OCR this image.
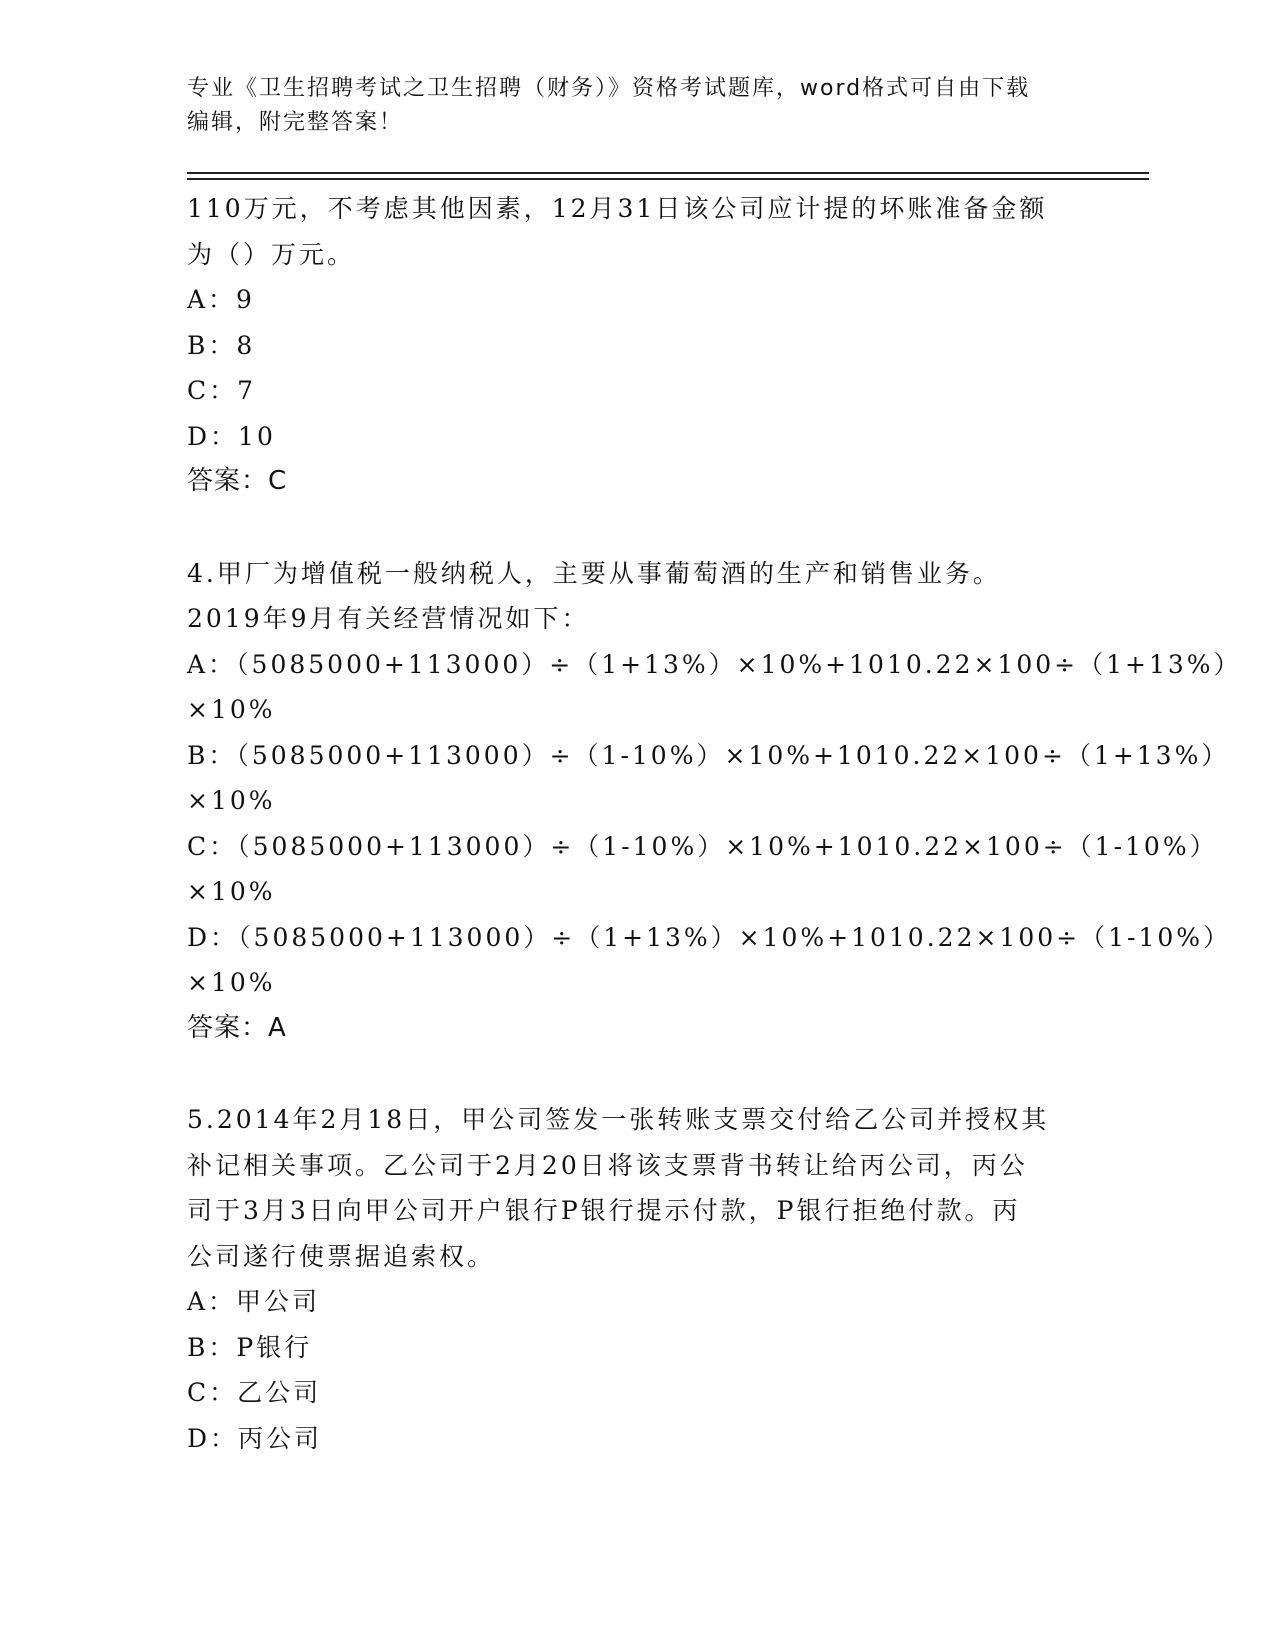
专业《卫生招聘考试之卫生招聘（财务）》资格考试题库，word格式可自由下载
编辑，附完整答案！
110万元，不考虑其他因素，12月31日该公司应计提的坏账准备金额
为（）万元。
A：9
B：8
C：7
D：10
答案：C
4.甲厂为增值税一般纳税人，主要从事葡萄酒的生产和销售业务。
2019年9月有关经营情况如下：
A：（5085000+113000）÷（1+13%）×10%+1010.22×100÷（1+13%）
×10%
B：（5085000+113000）÷（1-10%）×10%+1010.22×100÷（1+13%）
×10%
C：（5085000+113000）÷（1-10%）×10%+1010.22×100÷（1-10%）
×10%
D：（5085000+113000）÷（1+13%）×10%+1010.22×100÷（1-10%）
×10%
答案：A
5.2014年2月18日，甲公司签发一张转账支票交付给乙公司并授权其
补记相关事项。乙公司于2月20日将该支票背书转让给丙公司，丙公
司于3月3日向甲公司开户银行P银行提示付款，P银行拒绝付款。丙
公司遂行使票据追索权。
A：甲公司
B：P银行
C：乙公司
D：丙公司
